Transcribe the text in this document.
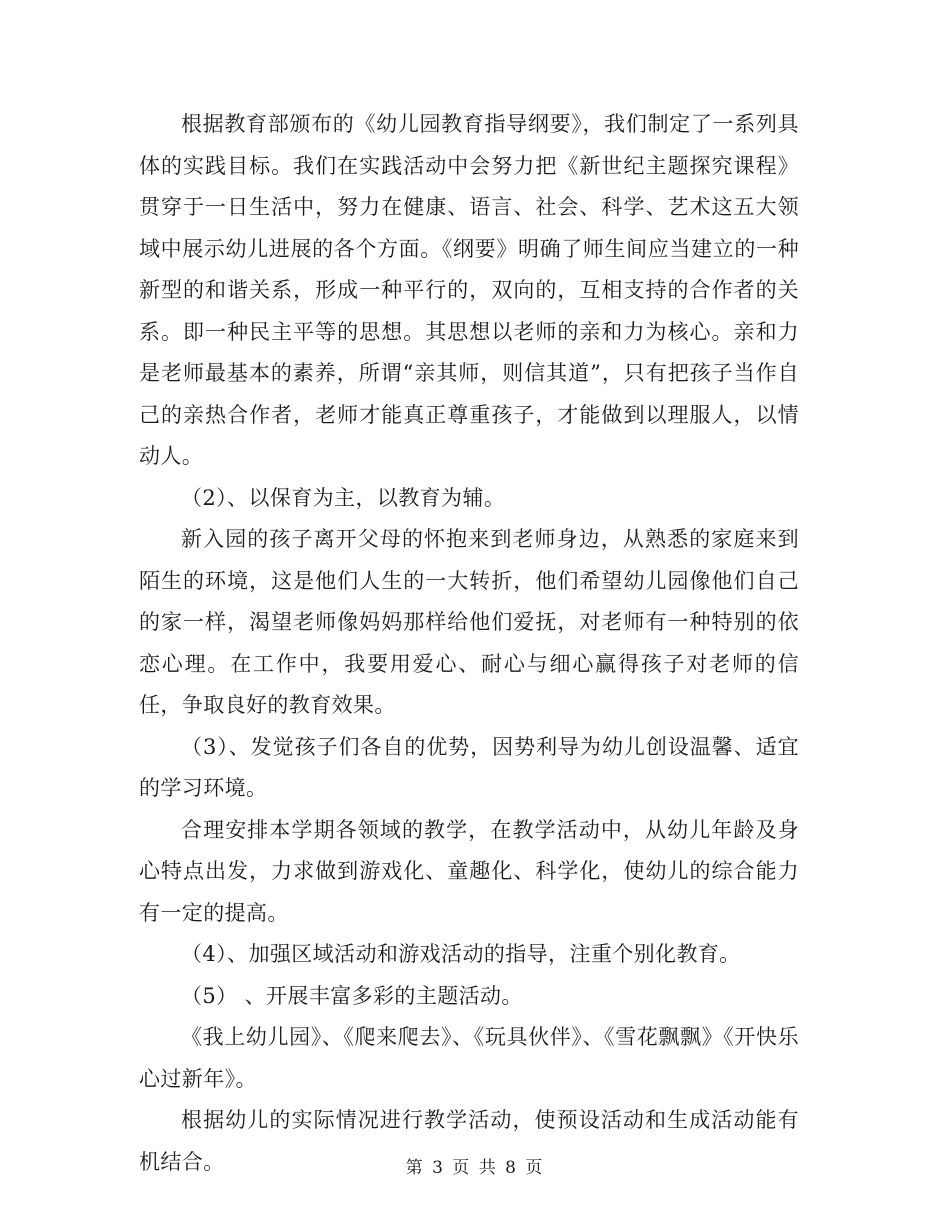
根据教育部颁布的《幼儿园教育指导纲要》，我们制定了一系列具体的实践目标。我们在实践活动中会努力把《新世纪主题探究课程》贯穿于一日生活中，努力在健康、语言、社会、科学、艺术这五大领域中展示幼儿进展的各个方面。《纲要》明确了师生间应当建立的一种新型的和谐关系，形成一种平行的，双向的，互相支持的合作者的关系。即一种民主平等的思想。其思想以老师的亲和力为核心。亲和力是老师最基本的素养，所谓“亲其师，则信其道”，只有把孩子当作自己的亲热合作者，老师才能真正尊重孩子，才能做到以理服人，以情动人。

（2）、以保育为主，以教育为辅。

新入园的孩子离开父母的怀抱来到老师身边，从熟悉的家庭来到陌生的环境，这是他们人生的一大转折，他们希望幼儿园像他们自己的家一样，渴望老师像妈妈那样给他们爱抚，对老师有一种特别的依恋心理。在工作中，我要用爱心、耐心与细心赢得孩子对老师的信任，争取良好的教育效果。

（3）、发觉孩子们各自的优势，因势利导为幼儿创设温馨、适宜的学习环境。

合理安排本学期各领域的教学，在教学活动中，从幼儿年龄及身心特点出发，力求做到游戏化、童趣化、科学化，使幼儿的综合能力有一定的提高。

（4）、加强区域活动和游戏活动的指导，注重个别化教育。

（5） 、开展丰富多彩的主题活动。

《我上幼儿园》、《爬来爬去》、《玩具伙伴》、《雪花飘飘》《开快乐心过新年》。

根据幼儿的实际情况进行教学活动，使预设活动和生成活动能有机结合。	第 3 页 共 8 页
